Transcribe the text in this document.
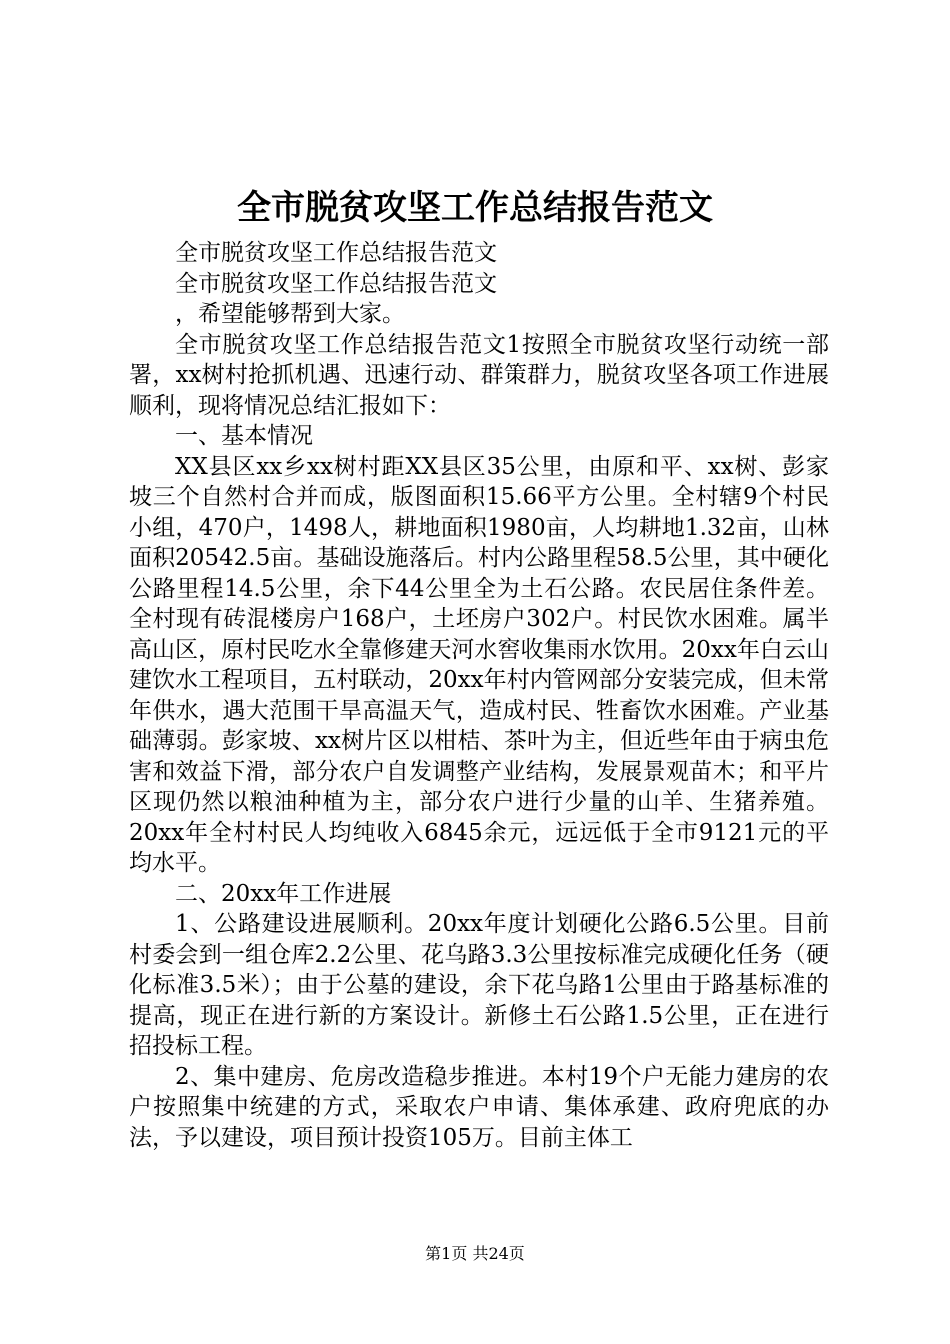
全市脱贫攻坚工作总结报告范文

全市脱贫攻坚工作总结报告范文

全市脱贫攻坚工作总结报告范文

，希望能够帮到大家。

全市脱贫攻坚工作总结报告范文1按照全市脱贫攻坚行动统一部署，xx树村抢抓机遇、迅速行动、群策群力，脱贫攻坚各项工作进展顺利，现将情况总结汇报如下：

一、基本情况

XX县区xx乡xx树村距XX县区35公里，由原和平、xx树、彭家坡三个自然村合并而成，版图面积15.66平方公里。全村辖9个村民小组，470户，1498人，耕地面积1980亩，人均耕地1.32亩，山林面积20542.5亩。基础设施落后。村内公路里程58.5公里，其中硬化公路里程14.5公里，余下44公里全为土石公路。农民居住条件差。全村现有砖混楼房户168户，土坯房户302户。村民饮水困难。属半高山区，原村民吃水全靠修建天河水窖收集雨水饮用。20xx年白云山建饮水工程项目，五村联动，20xx年村内管网部分安装完成，但未常年供水，遇大范围干旱高温天气，造成村民、牲畜饮水困难。产业基础薄弱。彭家坡、xx树片区以柑桔、茶叶为主，但近些年由于病虫危害和效益下滑，部分农户自发调整产业结构，发展景观苗木；和平片区现仍然以粮油种植为主，部分农户进行少量的山羊、生猪养殖。20xx年全村村民人均纯收入6845余元，远远低于全市9121元的平均水平。

二、20xx年工作进展

1、公路建设进展顺利。20xx年度计划硬化公路6.5公里。目前村委会到一组仓库2.2公里、花乌路3.3公里按标准完成硬化任务（硬化标准3.5米）；由于公墓的建设，余下花乌路1公里由于路基标准的提高，现正在进行新的方案设计。新修土石公路1.5公里，正在进行招投标工程。

2、集中建房、危房改造稳步推进。本村19个户无能力建房的农户按照集中统建的方式，采取农户申请、集体承建、政府兜底的办法，予以建设，项目预计投资105万。目前主体工

第1页 共24页
